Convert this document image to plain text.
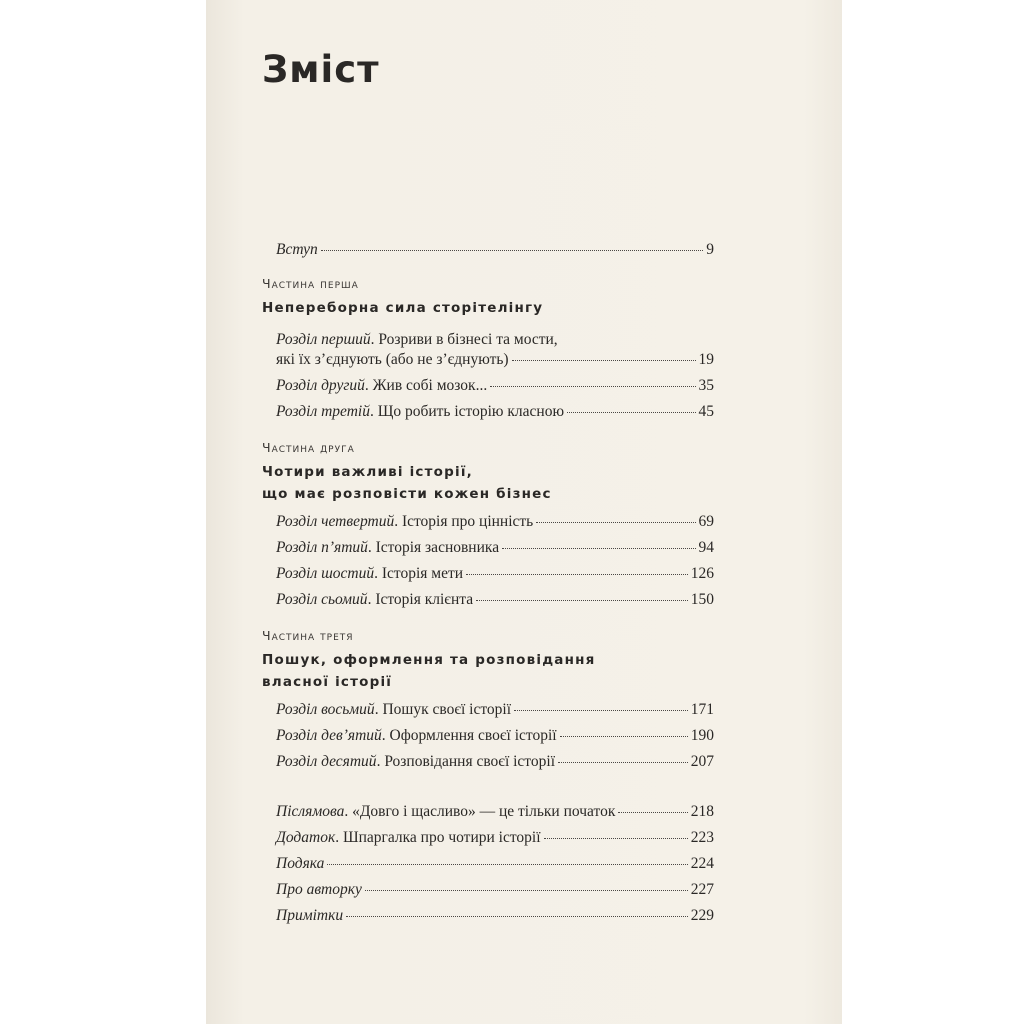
Зміст
Вступ	9
Частина перша
Непереборна сила сторітелінгу
Розділ перший. Розриви в бізнесі та мости,
які їх з’єднують (або не з’єднують)	19
Розділ другий. Жив собі мозок...	35
Розділ третій. Що робить історію класною	45
Частина друга
Чотири важливі історії,
що має розповісти кожен бізнес
Розділ четвертий. Історія про цінність	69
Розділ п’ятий. Історія засновника	94
Розділ шостий. Історія мети	126
Розділ сьомий. Історія клієнта	150
Частина третя
Пошук, оформлення та розповідання
власної історії
Розділ восьмий. Пошук своєї історії	171
Розділ дев’ятий. Оформлення своєї історії	190
Розділ десятий. Розповідання своєї історії	207
Післямова. «Довго і щасливо» — це тільки початок	218
Додаток. Шпаргалка про чотири історії	223
Подяка	224
Про авторку	227
Примітки	229
